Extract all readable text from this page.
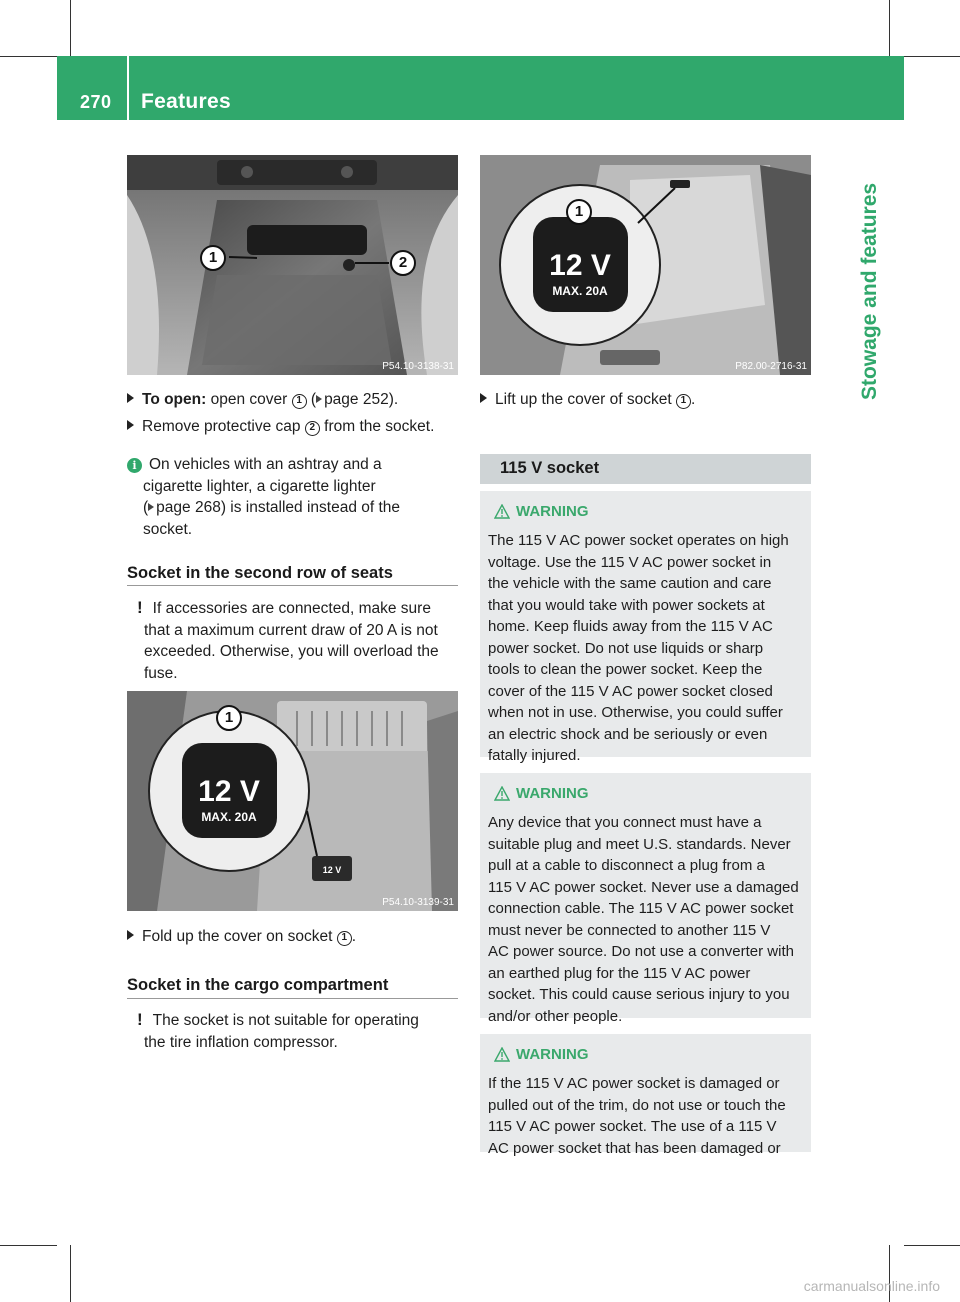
270 Features
Stowage and features
1	2
P54.10-3138-31
To open: open cover 1 ( page 252).
Remove protective cap 2 from the socket.
i On vehicles with an ashtray and a
cigarette lighter, a cigarette lighter
( page 268) is installed instead of the
socket.
Socket in the second row of seats
! If accessories are connected, make sure
that a maximum current draw of 20 A is not
exceeded. Otherwise, you will overload the
fuse.
12 V
MAX. 20A
12 V
1
P54.10-3139-31
Fold up the cover on socket 1 .
Socket in the cargo compartment
! The socket is not suitable for operating
the tire inflation compressor.
12 V
MAX. 20A
1
P82.00-2716-31
Lift up the cover of socket 1 .
115 V socket
WARNING
The 115 V AC power socket operates on high
voltage. Use the 115 V AC power socket in
the vehicle with the same caution and care
that you would take with power sockets at
home. Keep fluids away from the 115 V AC
power socket. Do not use liquids or sharp
tools to clean the power socket. Keep the
cover of the 115 V AC power socket closed
when not in use. Otherwise, you could suffer
an electric shock and be seriously or even
fatally injured.
WARNING
Any device that you connect must have a
suitable plug and meet U.S. standards. Never
pull at a cable to disconnect a plug from a
115 V AC power socket. Never use a damaged
connection cable. The 115 V AC power socket
must never be connected to another 115 V
AC power source. Do not use a converter with
an earthed plug for the 115 V AC power
socket. This could cause serious injury to you
and/or other people.
WARNING
If the 115 V AC power socket is damaged or
pulled out of the trim, do not use or touch the
115 V AC power socket. The use of a 115 V
AC power socket that has been damaged or
carmanualsonline.info
